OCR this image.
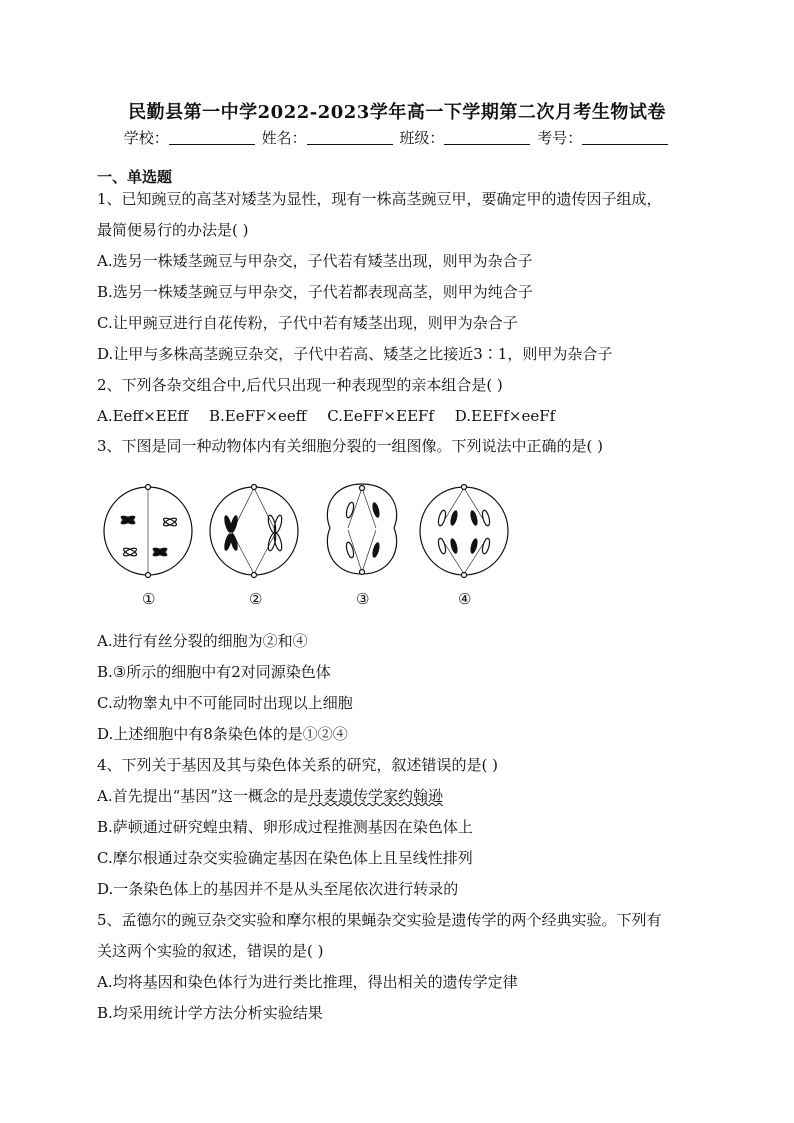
民勤县第一中学2022-2023学年高一下学期第二次月考生物试卷
学校：	姓名：	班级：	考号：
一、单选题
1、已知豌豆的高茎对矮茎为显性，现有一株高茎豌豆甲，要确定甲的遗传因子组成，
最简便易行的办法是( )
A.选另一株矮茎豌豆与甲杂交，子代若有矮茎出现，则甲为杂合子
B.选另一株矮茎豌豆与甲杂交，子代若都表现高茎，则甲为纯合子
C.让甲豌豆进行自花传粉，子代中若有矮茎出现，则甲为杂合子
D.让甲与多株高茎豌豆杂交，子代中若高、矮茎之比接近3∶1，则甲为杂合子
2、下列各杂交组合中,后代只出现一种表现型的亲本组合是( )
A.Eeff×EEff B.EeFF×eeff C.EeFF×EEFf D.EEFf×eeFf
3、下图是同一种动物体内有关细胞分裂的一组图像。下列说法中正确的是( )
①	②	③	④
A.进行有丝分裂的细胞为②和④
B.③所示的细胞中有2对同源染色体
C.动物睾丸中不可能同时出现以上细胞
D.上述细胞中有8条染色体的是①②④
4、下列关于基因及其与染色体关系的研究，叙述错误的是( )
A.首先提出“基因”这一概念的是丹麦遗传学家约翰逊
B.萨顿通过研究蝗虫精、卵形成过程推测基因在染色体上
C.摩尔根通过杂交实验确定基因在染色体上且呈线性排列
D.一条染色体上的基因并不是从头至尾依次进行转录的
5、孟德尔的豌豆杂交实验和摩尔根的果蝇杂交实验是遗传学的两个经典实验。下列有
关这两个实验的叙述，错误的是( )
A.均将基因和染色体行为进行类比推理，得出相关的遗传学定律
B.均采用统计学方法分析实验结果
